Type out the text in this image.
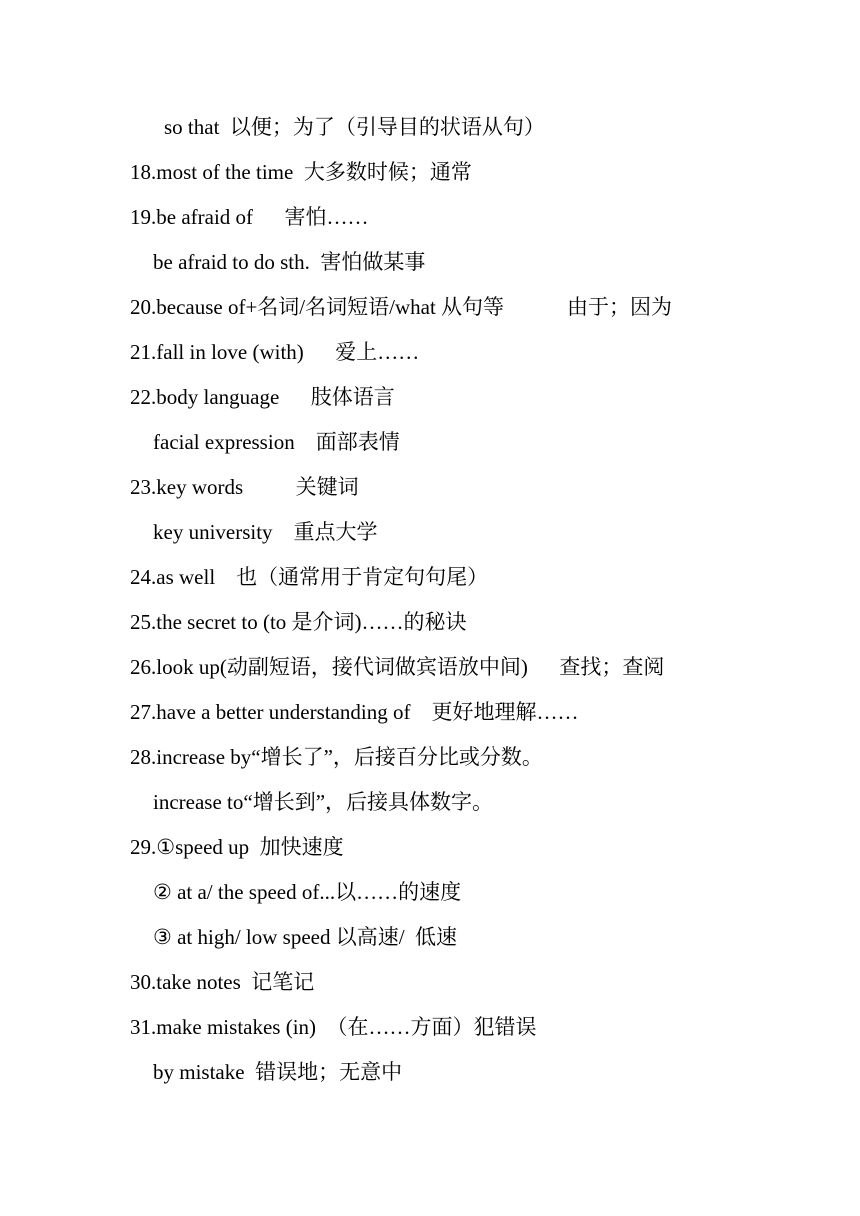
so that  以便；为了（引导目的状语从句）
18.most of the time  大多数时候；通常
19.be afraid of      害怕……
be afraid to do sth.  害怕做某事
20.because of+名词/名词短语/what 从句等            由于；因为
21.fall in love (with)      爱上……
22.body language      肢体语言
facial expression    面部表情
23.key words          关键词
key university    重点大学
24.as well    也（通常用于肯定句句尾）
25.the secret to (to 是介词)……的秘诀
26.look up(动副短语，接代词做宾语放中间)      查找；查阅
27.have a better understanding of    更好地理解……
28.increase by“增长了”，后接百分比或分数。
increase to“增长到”，后接具体数字。
29.①speed up  加快速度
② at a/ the speed of...以……的速度
③ at high/ low speed 以高速/  低速
30.take notes  记笔记
31.make mistakes (in)  （在……方面）犯错误
by mistake  错误地；无意中
